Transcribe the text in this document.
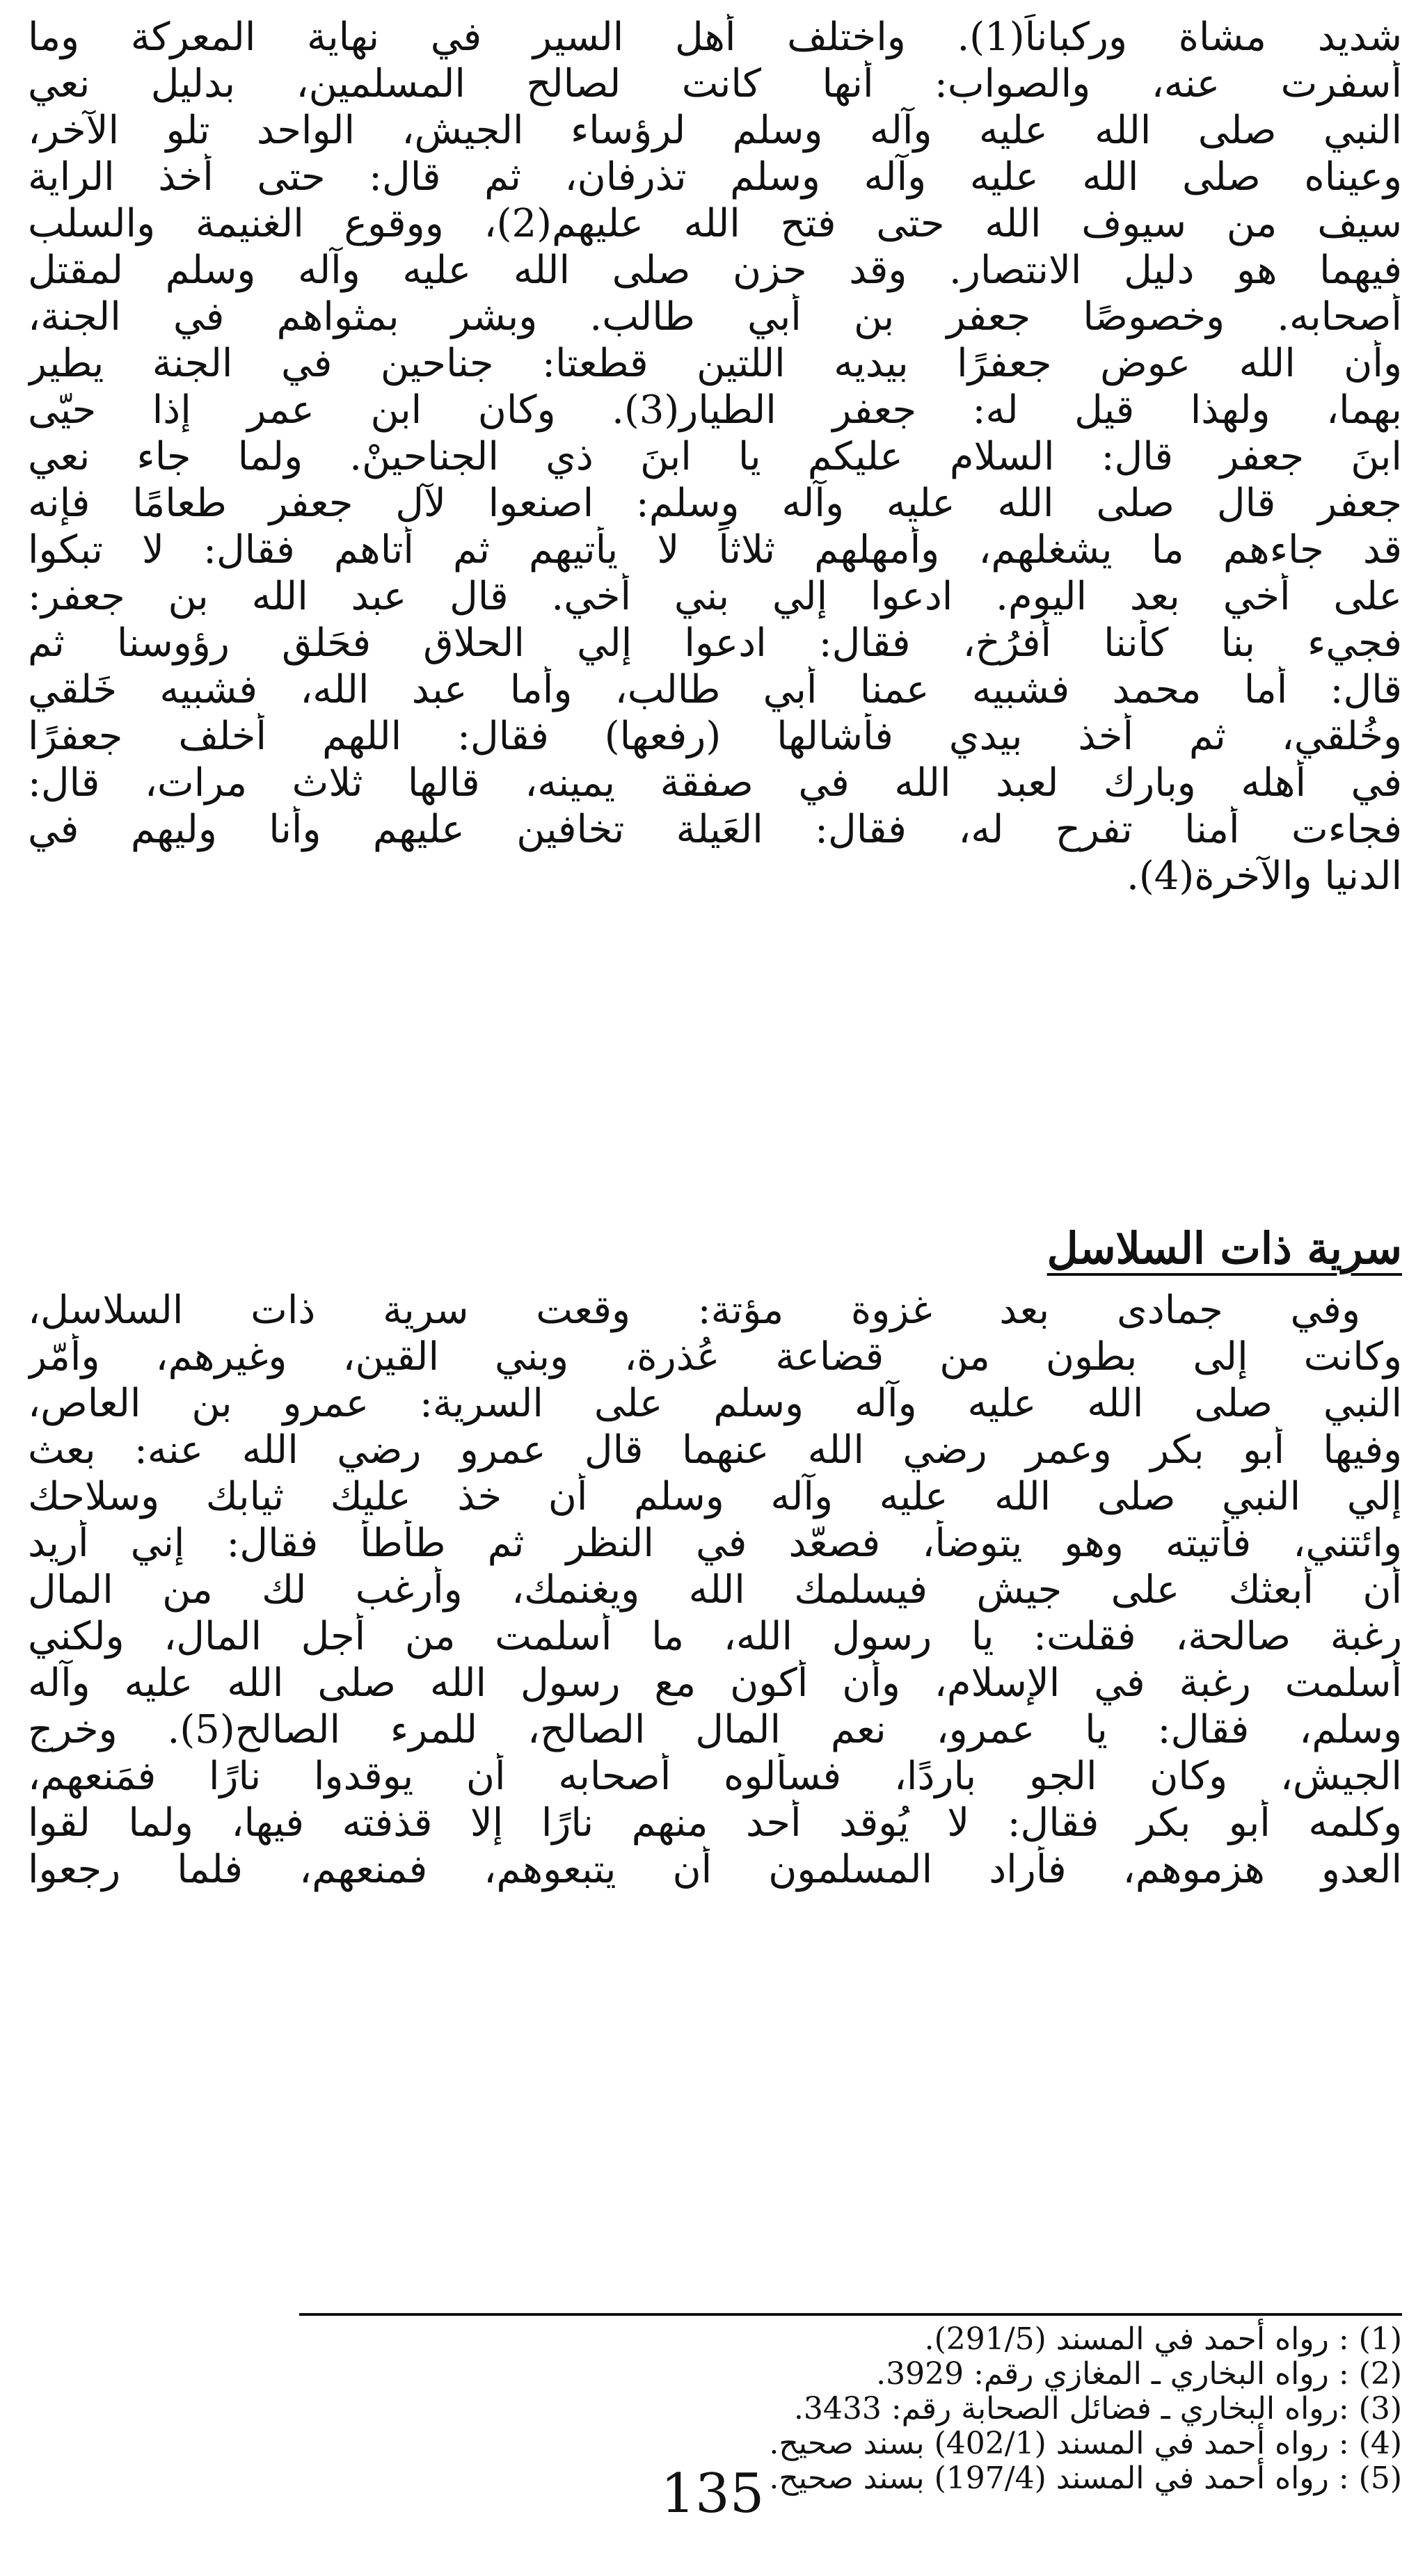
شديد مشاة وركباناً(1). واختلف أهل السير في نهاية المعركة وما
أسفرت عنه، والصواب: أنها كانت لصالح المسلمين، بدليل نعي
النبي صلى الله عليه وآله وسلم لرؤساء الجيش، الواحد تلو الآخر،
وعيناه صلى الله عليه وآله وسلم تذرفان، ثم قال: حتى أخذ الراية
سيف من سيوف الله حتى فتح الله عليهم(2)، ووقوع الغنيمة والسلب
فيهما هو دليل الانتصار. وقد حزن صلى الله عليه وآله وسلم لمقتل
أصحابه. وخصوصًا جعفر بن أبي طالب. وبشر بمثواهم في الجنة،
وأن الله عوض جعفرًا بيديه اللتين قطعتا: جناحين في الجنة يطير
بهما، ولهذا قيل له: جعفر الطيار(3). وكان ابن عمر إذا حيّى
ابنَ جعفر قال: السلام عليكم يا ابنَ ذي الجناحينْ. ولما جاء نعي
جعفر قال صلى الله عليه وآله وسلم: اصنعوا لآل جعفر طعامًا فإنه
قد جاءهم ما يشغلهم، وأمهلهم ثلاثاً لا يأتيهم ثم أتاهم فقال: لا تبكوا
على أخي بعد اليوم. ادعوا إلي بني أخي. قال عبد الله بن جعفر:
فجيء بنا كأننا أفرُخ، فقال: ادعوا إلي الحلاق فحَلق رؤوسنا ثم
قال: أما محمد فشبيه عمنا أبي طالب، وأما عبد الله، فشبيه خَلقي
وخُلقي، ثم أخذ بيدي فأشالها (رفعها) فقال: اللهم أخلف جعفرًا
في أهله وبارك لعبد الله في صفقة يمينه، قالها ثلاث مرات، قال:
فجاءت أمنا تفرح له، فقال: العَيلة تخافين عليهم وأنا وليهم في
الدنيا والآخرة(4).
سرية ذات السلاسل
وفي جمادى بعد غزوة مؤتة: وقعت سرية ذات السلاسل،
وكانت إلى بطون من قضاعة عُذرة، وبني القين، وغيرهم، وأمّر
النبي صلى الله عليه وآله وسلم على السرية: عمرو بن العاص،
وفيها أبو بكر وعمر رضي الله عنهما قال عمرو رضي الله عنه: بعث
إلي النبي صلى الله عليه وآله وسلم أن خذ عليك ثيابك وسلاحك
وائتني، فأتيته وهو يتوضأ، فصعّد في النظر ثم طأطأ فقال: إني أريد
أن أبعثك على جيش فيسلمك الله ويغنمك، وأرغب لك من المال
رغبة صالحة، فقلت: يا رسول الله، ما أسلمت من أجل المال، ولكني
أسلمت رغبة في الإسلام، وأن أكون مع رسول الله صلى الله عليه وآله
وسلم، فقال: يا عمرو، نعم المال الصالح، للمرء الصالح(5). وخرج
الجيش، وكان الجو باردًا، فسألوه أصحابه أن يوقدوا نارًا فمَنعهم،
وكلمه أبو بكر فقال: لا يُوقد أحد منهم نارًا إلا قذفته فيها، ولما لقوا
العدو هزموهم، فأراد المسلمون أن يتبعوهم، فمنعهم، فلما رجعوا
(1) : رواه أحمد في المسند (291/5).
(2) : رواه البخاري ـ المغازي رقم: 3929.
(3) :رواه البخاري ـ فضائل الصحابة رقم: 3433.
(4) : رواه أحمد في المسند (402/1) بسند صحيح.
(5) : رواه أحمد في المسند (197/4) بسند صحيح.
135
